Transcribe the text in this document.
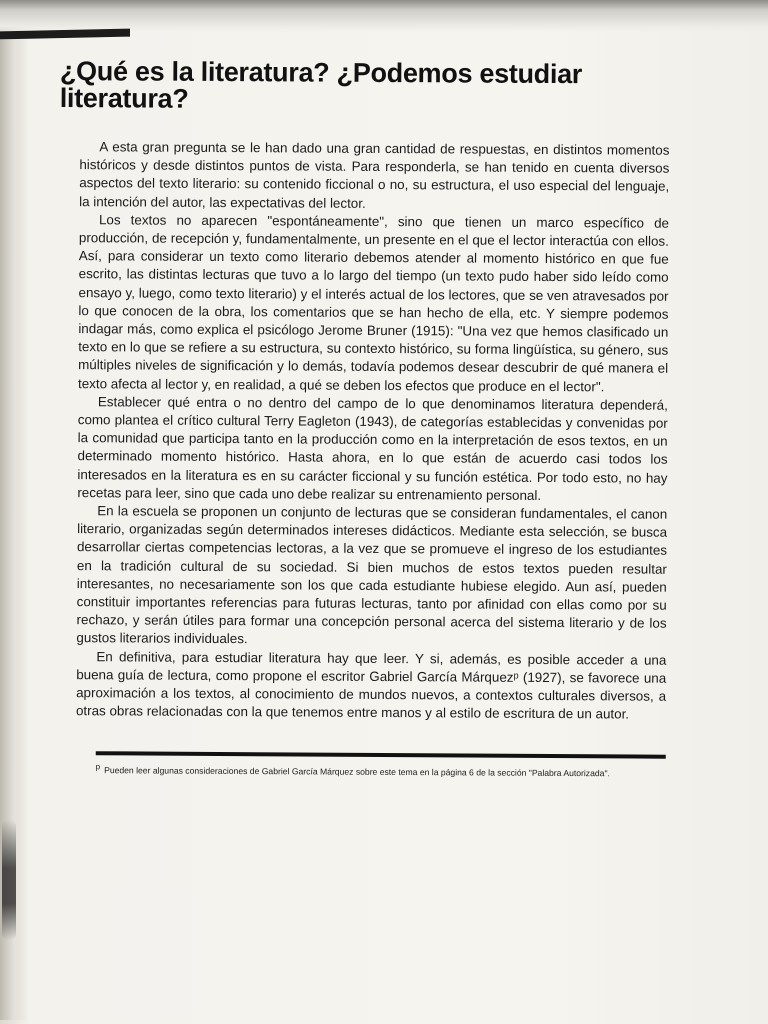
¿Qué es la literatura? ¿Podemos estudiar literatura?

A esta gran pregunta se le han dado una gran cantidad de respuestas, en distintos momentos históricos y desde distintos puntos de vista. Para responderla, se han tenido en cuenta diversos aspectos del texto literario: su contenido ficcional o no, su estructura, el uso especial del lenguaje, la intención del autor, las expectativas del lector.

Los textos no aparecen "espontáneamente", sino que tienen un marco específico de producción, de recepción y, fundamentalmente, un presente en el que el lector interactúa con ellos. Así, para considerar un texto como literario debemos atender al momento histórico en que fue escrito, las distintas lecturas que tuvo a lo largo del tiempo (un texto pudo haber sido leído como ensayo y, luego, como texto literario) y el interés actual de los lectores, que se ven atravesados por lo que conocen de la obra, los comentarios que se han hecho de ella, etc. Y siempre podemos indagar más, como explica el psicólogo Jerome Bruner (1915): "Una vez que hemos clasificado un texto en lo que se refiere a su estructura, su contexto histórico, su forma lingüística, su género, sus múltiples niveles de significación y lo demás, todavía podemos desear descubrir de qué manera el texto afecta al lector y, en realidad, a qué se deben los efectos que produce en el lector".

Establecer qué entra o no dentro del campo de lo que denominamos literatura dependerá, como plantea el crítico cultural Terry Eagleton (1943), de categorías establecidas y convenidas por la comunidad que participa tanto en la producción como en la interpretación de esos textos, en un determinado momento histórico. Hasta ahora, en lo que están de acuerdo casi todos los interesados en la literatura es en su carácter ficcional y su función estética. Por todo esto, no hay recetas para leer, sino que cada uno debe realizar su entrenamiento personal.

En la escuela se proponen un conjunto de lecturas que se consideran fundamentales, el canon literario, organizadas según determinados intereses didácticos. Mediante esta selección, se busca desarrollar ciertas competencias lectoras, a la vez que se promueve el ingreso de los estudiantes en la tradición cultural de su sociedad. Si bien muchos de estos textos pueden resultar interesantes, no necesariamente son los que cada estudiante hubiese elegido. Aun así, pueden constituir importantes referencias para futuras lecturas, tanto por afinidad con ellas como por su rechazo, y serán útiles para formar una concepción personal acerca del sistema literario y de los gustos literarios individuales.

En definitiva, para estudiar literatura hay que leer. Y si, además, es posible acceder a una buena guía de lectura, como propone el escritor Gabriel García Márquezᵖ (1927), se favorece una aproximación a los textos, al conocimiento de mundos nuevos, a contextos culturales diversos, a otras obras relacionadas con la que tenemos entre manos y al estilo de escritura de un autor.

$^p$ Pueden leer algunas consideraciones de Gabriel García Márquez sobre este tema en la página 6 de la sección "Palabra Autorizada".
